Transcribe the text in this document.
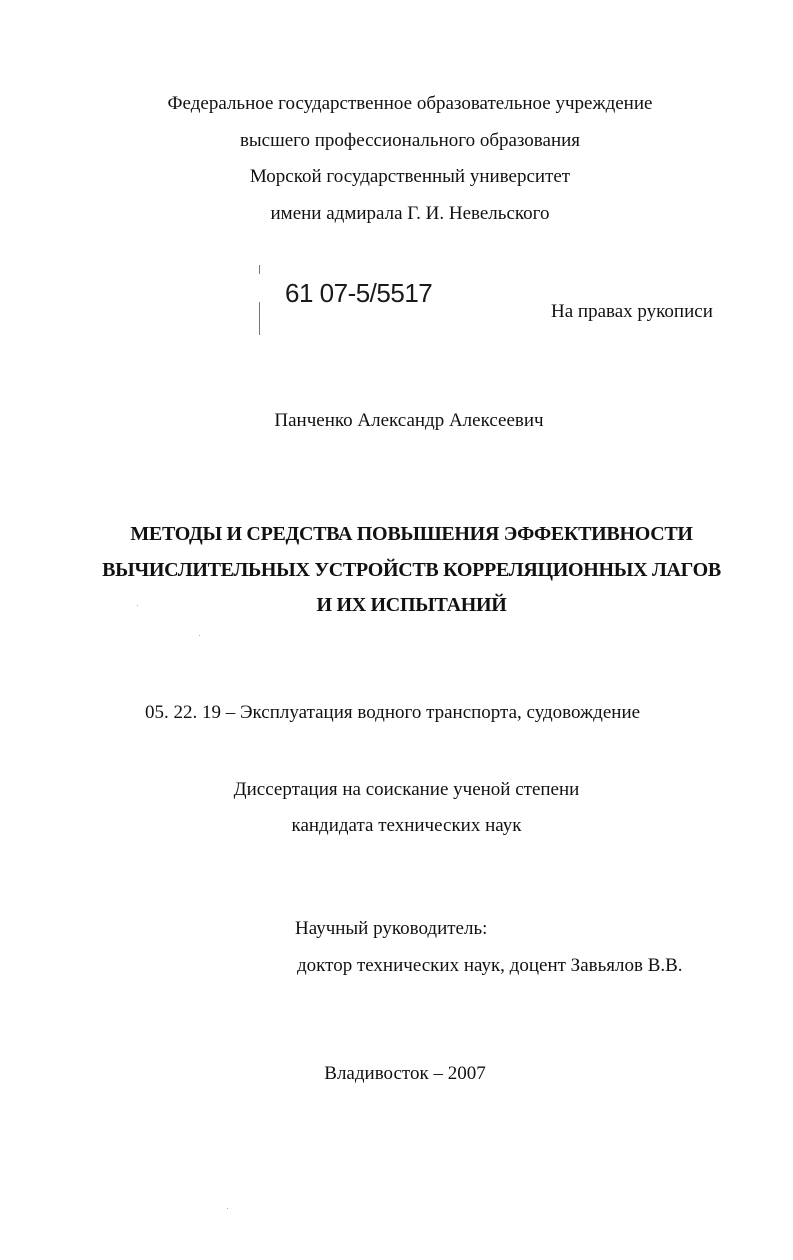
Федеральное государственное образовательное учреждение
высшего профессионального образования
Морской государственный университет
имени адмирала Г. И. Невельского
61 07-5/5517
На правах рукописи
Панченко Александр Алексеевич
МЕТОДЫ И СРЕДСТВА ПОВЫШЕНИЯ ЭФФЕКТИВНОСТИ
ВЫЧИСЛИТЕЛЬНЫХ УСТРОЙСТВ КОРРЕЛЯЦИОННЫХ ЛАГОВ
И ИХ ИСПЫТАНИЙ
05. 22. 19 – Эксплуатация водного транспорта, судовождение
Диссертация на соискание ученой степени
кандидата технических наук
Научный руководитель:
доктор технических наук, доцент Завьялов В.В.
Владивосток – 2007
